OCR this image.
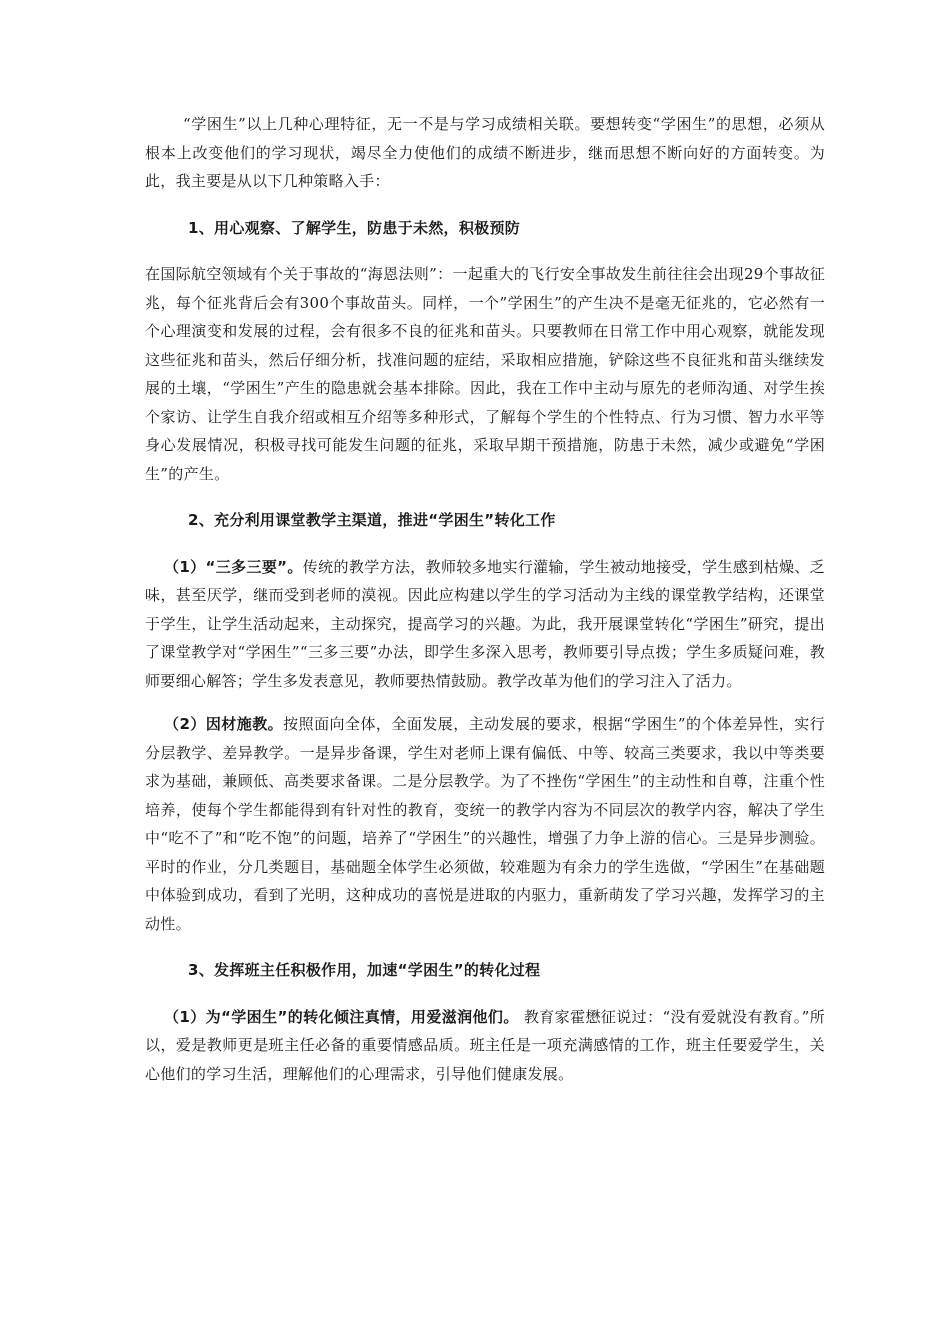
“学困生”以上几种心理特征，无一不是与学习成绩相关联。要想转变“学困生”的思想，必须从根本上改变他们的学习现状，竭尽全力使他们的成绩不断进步，继而思想不断向好的方面转变。为此，我主要是从以下几种策略入手：

1、用心观察、了解学生，防患于未然，积极预防

在国际航空领域有个关于事故的“海恩法则”：一起重大的飞行安全事故发生前往往会出现29个事故征兆，每个征兆背后会有300个事故苗头。同样，一个”学困生”的产生决不是毫无征兆的，它必然有一个心理演变和发展的过程，会有很多不良的征兆和苗头。只要教师在日常工作中用心观察，就能发现这些征兆和苗头，然后仔细分析，找准问题的症结，采取相应措施，铲除这些不良征兆和苗头继续发展的土壤，“学困生”产生的隐患就会基本排除。因此，我在工作中主动与原先的老师沟通、对学生挨个家访、让学生自我介绍或相互介绍等多种形式，了解每个学生的个性特点、行为习惯、智力水平等身心发展情况，积极寻找可能发生问题的征兆，采取早期干预措施，防患于未然，减少或避免“学困生”的产生。

2、充分利用课堂教学主渠道，推进“学困生”转化工作

（1）“三多三要”。传统的教学方法，教师较多地实行灌输，学生被动地接受，学生感到枯燥、乏味，甚至厌学，继而受到老师的漠视。因此应构建以学生的学习活动为主线的课堂教学结构，还课堂于学生，让学生活动起来，主动探究，提高学习的兴趣。为此，我开展课堂转化“学困生”研究，提出了课堂教学对“学困生”“三多三要”办法，即学生多深入思考，教师要引导点拨；学生多质疑问难，教师要细心解答；学生多发表意见，教师要热情鼓励。教学改革为他们的学习注入了活力。

（2）因材施教。按照面向全体，全面发展，主动发展的要求，根据“学困生”的个体差异性，实行分层教学、差异教学。一是异步备课，学生对老师上课有偏低、中等、较高三类要求，我以中等类要求为基础，兼顾低、高类要求备课。二是分层教学。为了不挫伤“学困生”的主动性和自尊，注重个性培养，使每个学生都能得到有针对性的教育，变统一的教学内容为不同层次的教学内容，解决了学生中“吃不了”和“吃不饱”的问题，培养了“学困生”的兴趣性，增强了力争上游的信心。三是异步测验。平时的作业，分几类题目，基础题全体学生必须做，较难题为有余力的学生选做，“学困生”在基础题中体验到成功，看到了光明，这种成功的喜悦是进取的内驱力，重新萌发了学习兴趣，发挥学习的主动性。

3、发挥班主任积极作用，加速“学困生”的转化过程

（1）为“学困生”的转化倾注真情，用爱滋润他们。 教育家霍懋征说过：“没有爱就没有教育。”所以，爱是教师更是班主任必备的重要情感品质。班主任是一项充满感情的工作，班主任要爱学生，关心他们的学习生活，理解他们的心理需求，引导他们健康发展。
